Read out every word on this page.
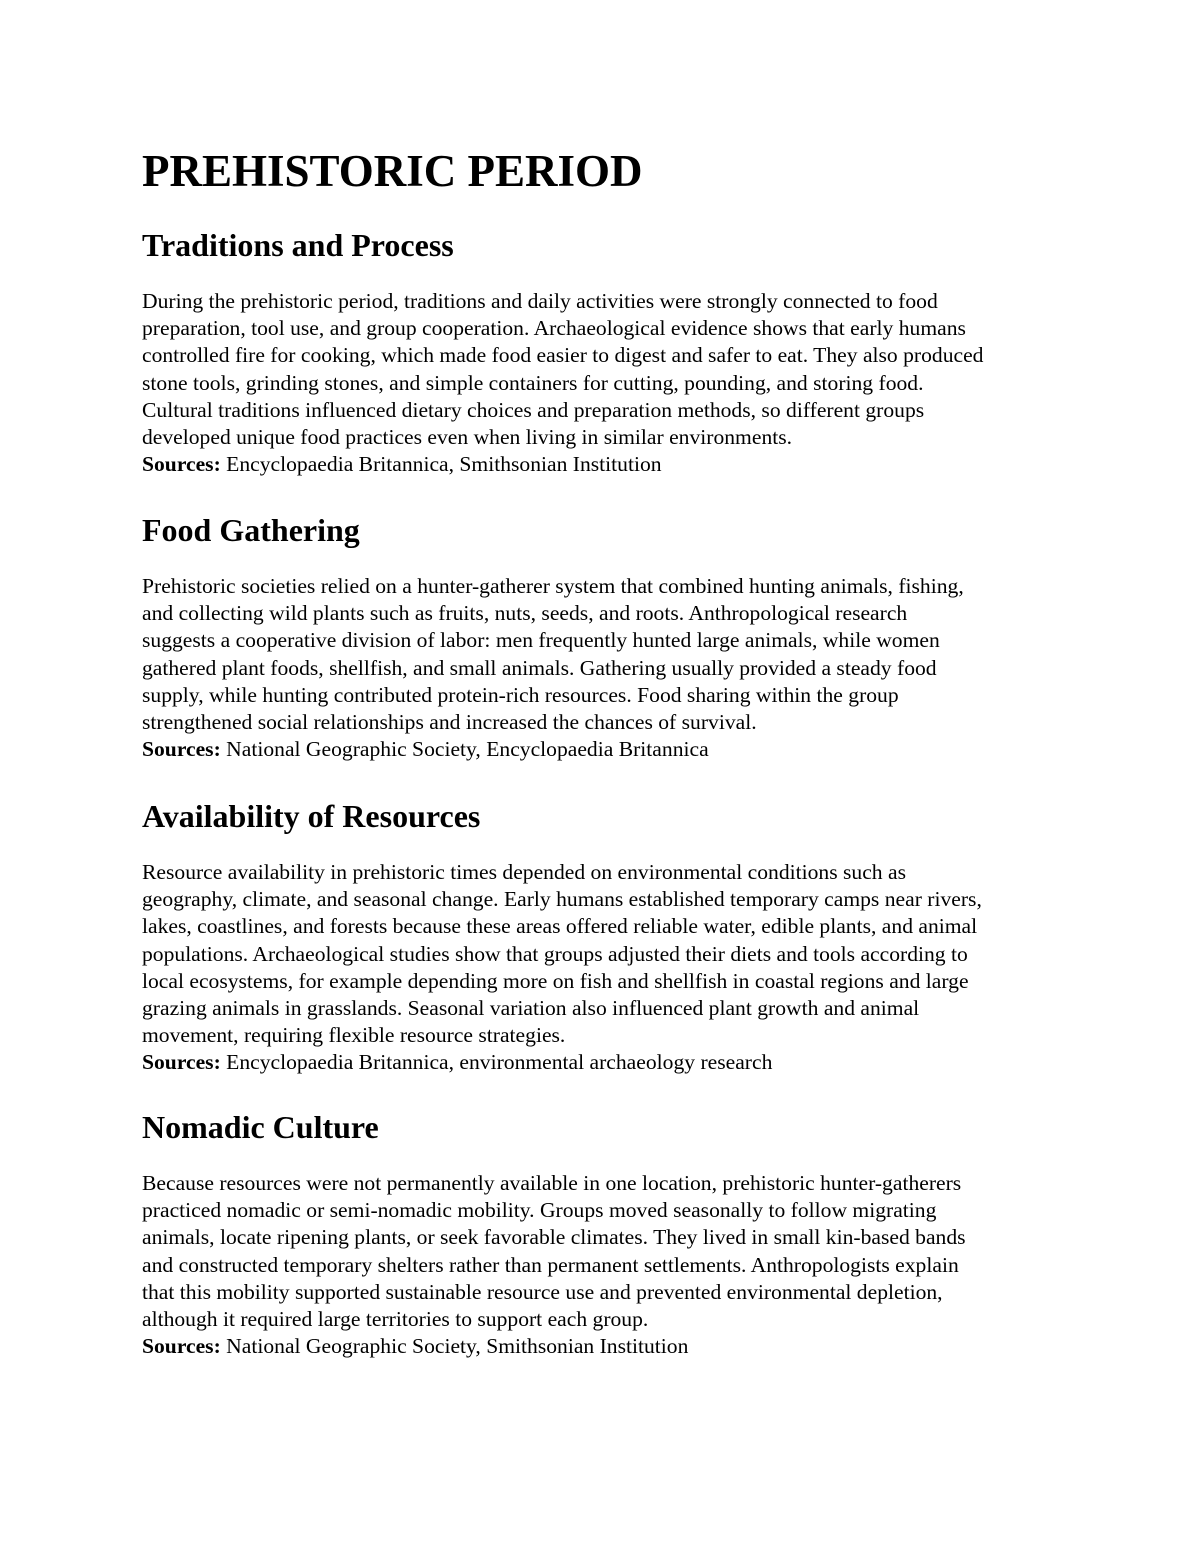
PREHISTORIC PERIOD
Traditions and Process

During the prehistoric period, traditions and daily activities were strongly connected to food
preparation, tool use, and group cooperation. Archaeological evidence shows that early humans
controlled fire for cooking, which made food easier to digest and safer to eat. They also produced
stone tools, grinding stones, and simple containers for cutting, pounding, and storing food.
Cultural traditions influenced dietary choices and preparation methods, so different groups
developed unique food practices even when living in similar environments.
Sources: Encyclopaedia Britannica, Smithsonian Institution

Food Gathering

Prehistoric societies relied on a hunter-gatherer system that combined hunting animals, fishing,
and collecting wild plants such as fruits, nuts, seeds, and roots. Anthropological research
suggests a cooperative division of labor: men frequently hunted large animals, while women
gathered plant foods, shellfish, and small animals. Gathering usually provided a steady food
supply, while hunting contributed protein-rich resources. Food sharing within the group
strengthened social relationships and increased the chances of survival.
Sources: National Geographic Society, Encyclopaedia Britannica

Availability of Resources

Resource availability in prehistoric times depended on environmental conditions such as
geography, climate, and seasonal change. Early humans established temporary camps near rivers,
lakes, coastlines, and forests because these areas offered reliable water, edible plants, and animal
populations. Archaeological studies show that groups adjusted their diets and tools according to
local ecosystems, for example depending more on fish and shellfish in coastal regions and large
grazing animals in grasslands. Seasonal variation also influenced plant growth and animal
movement, requiring flexible resource strategies.
Sources: Encyclopaedia Britannica, environmental archaeology research

Nomadic Culture

Because resources were not permanently available in one location, prehistoric hunter-gatherers
practiced nomadic or semi-nomadic mobility. Groups moved seasonally to follow migrating
animals, locate ripening plants, or seek favorable climates. They lived in small kin-based bands
and constructed temporary shelters rather than permanent settlements. Anthropologists explain
that this mobility supported sustainable resource use and prevented environmental depletion,
although it required large territories to support each group.
Sources: National Geographic Society, Smithsonian Institution
